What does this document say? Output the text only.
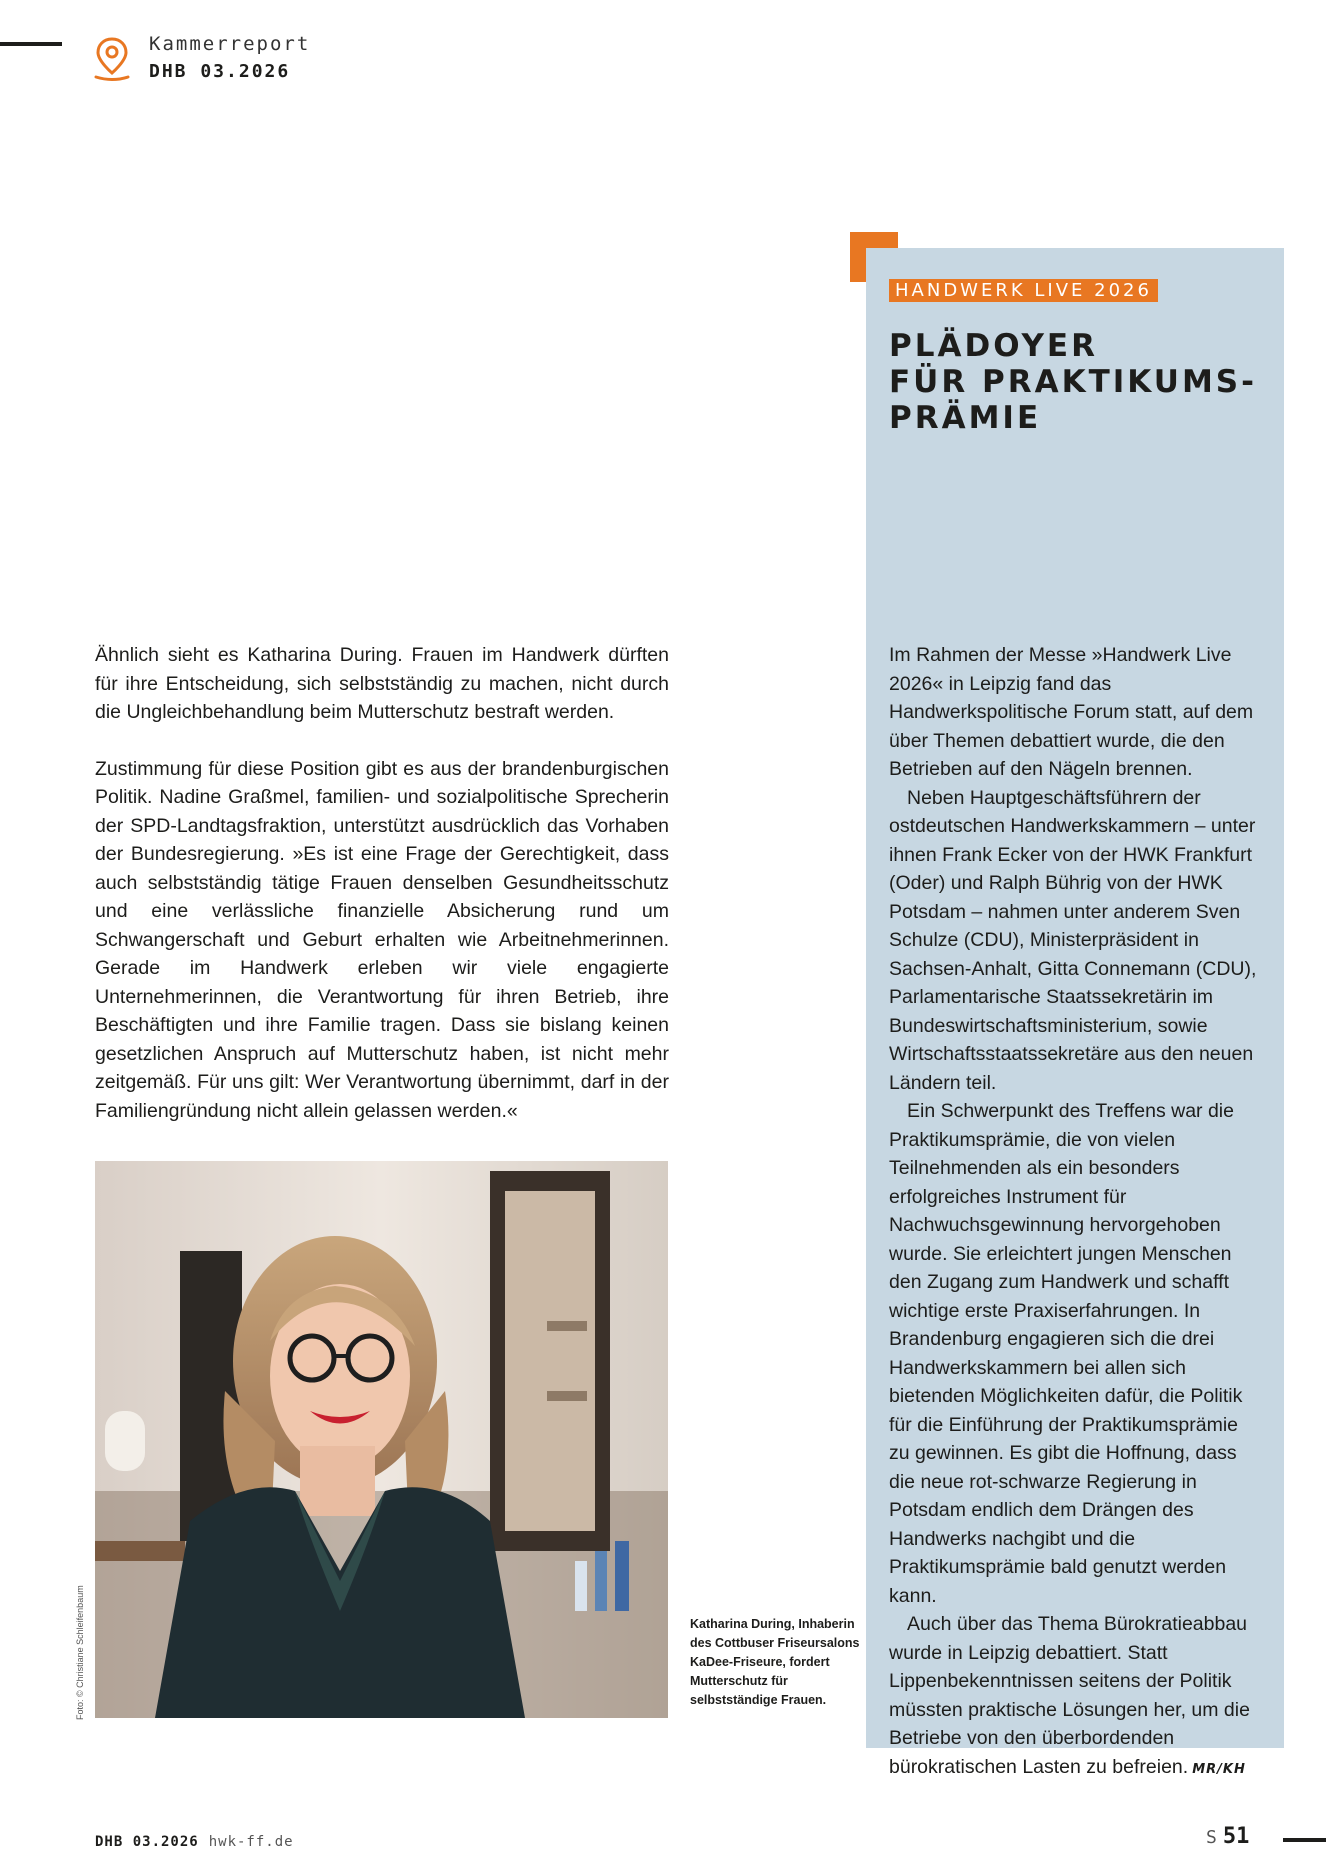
Kammerreport
DHB 03.2026
HANDWERK LIVE 2026
PLÄDOYER
FÜR PRAKTIKUMS-
PRÄMIE

Im Rahmen der Messe »Handwerk Live 2026« in Leipzig fand das Handwerkspolitische Forum statt, auf dem über Themen debattiert wurde, die den Betrieben auf den Nägeln brennen.

Neben Hauptgeschäftsführern der ostdeutschen Handwerkskammern – unter ihnen Frank Ecker von der HWK Frankfurt (Oder) und Ralph Bührig von der HWK Potsdam – nahmen unter anderem Sven Schulze (CDU), Ministerpräsident in Sachsen-Anhalt, Gitta Connemann (CDU), Parlamentarische Staatssekretärin im Bundeswirtschaftsministerium, sowie Wirtschaftsstaatssekretäre aus den neuen Ländern teil.

Ein Schwerpunkt des Treffens war die Praktikumsprämie, die von vielen Teilnehmenden als ein besonders erfolgreiches Instrument für Nachwuchsgewinnung hervorgehoben wurde. Sie erleichtert jungen Menschen den Zugang zum Handwerk und schafft wichtige erste Praxiserfahrungen. In Brandenburg engagieren sich die drei Handwerkskammern bei allen sich bietenden Möglichkeiten dafür, die Politik für die Einführung der Praktikumsprämie zu gewinnen. Es gibt die Hoffnung, dass die neue rot-schwarze Regierung in Potsdam endlich dem Drängen des Handwerks nachgibt und die Praktikumsprämie bald genutzt werden kann.

Auch über das Thema Bürokratieabbau wurde in Leipzig debattiert. Statt Lippenbekenntnissen seitens der Politik müssten praktische Lösungen her, um die Betriebe von den überbordenden bürokratischen Lasten zu befreien. MR/KH

Ähnlich sieht es Katharina During. Frauen im Handwerk dürften für ihre Entscheidung, sich selbstständig zu machen, nicht durch die Ungleichbehandlung beim Mutterschutz bestraft werden.

Zustimmung für diese Position gibt es aus der brandenburgischen Politik. Nadine Graßmel, familien- und sozialpolitische Sprecherin der SPD-Landtagsfraktion, unterstützt ausdrücklich das Vorhaben der Bundesregierung. »Es ist eine Frage der Gerechtigkeit, dass auch selbstständig tätige Frauen denselben Gesundheitsschutz und eine verlässliche finanzielle Absicherung rund um Schwangerschaft und Geburt erhalten wie Arbeitnehmerinnen. Gerade im Handwerk erleben wir viele engagierte Unternehmerinnen, die Verantwortung für ihren Betrieb, ihre Beschäftigten und ihre Familie tragen. Dass sie bislang keinen gesetzlichen Anspruch auf Mutterschutz haben, ist nicht mehr zeitgemäß. Für uns gilt: Wer Verantwortung übernimmt, darf in der Familiengründung nicht allein gelassen werden.«

Foto: © Christiane Schleifenbaum	Katharina During, Inhaberin des Cottbuser Friseursalons KaDee-Friseure, fordert Mutterschutz für selbstständige Frauen.
DHB 03.2026 hwk-ff.de	S 51
